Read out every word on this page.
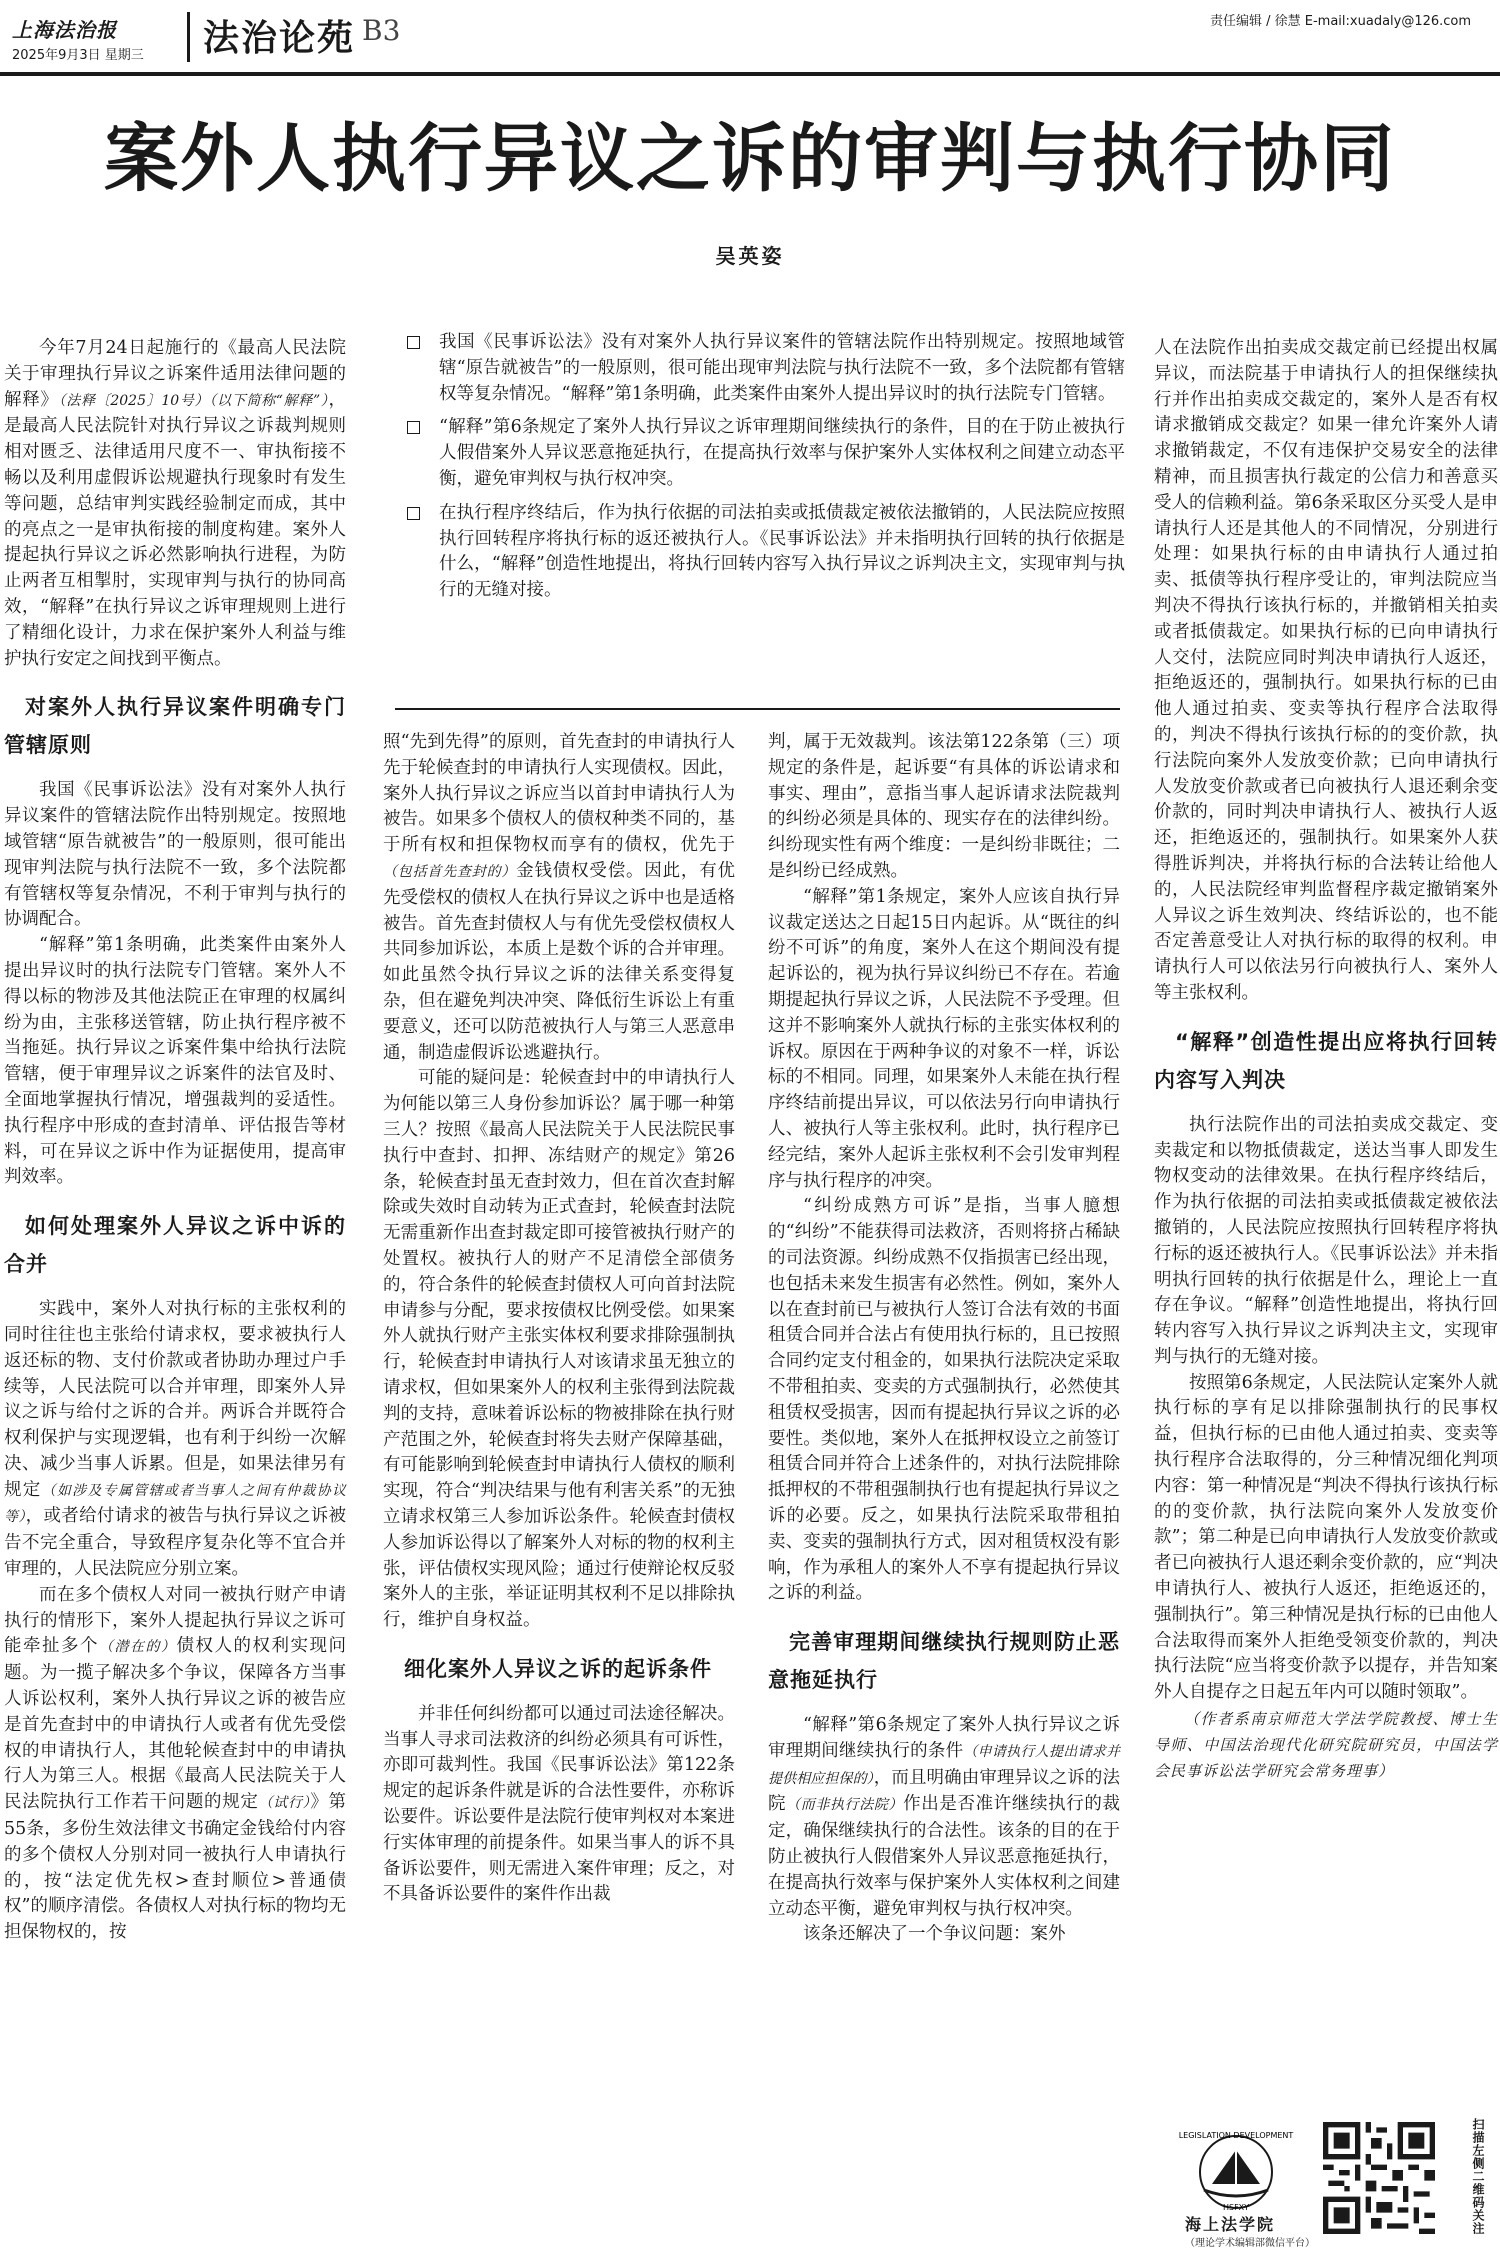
上海法治报
2025年9月3日 星期三 法治论苑 B3	责任编辑 / 徐慧 E-mail:xuadaly@126.com
案外人执行异议之诉的审判与执行协同
吴英姿
我国《民事诉讼法》没有对案外人执行异议案件的管辖法院作出特别规定。按照地域管辖“原告就被告”的一般原则，很可能出现审判法院与执行法院不一致，多个法院都有管辖权等复杂情况。“解释”第1条明确，此类案件由案外人提出异议时的执行法院专门管辖。
“解释”第6条规定了案外人执行异议之诉审理期间继续执行的条件，目的在于防止被执行人假借案外人异议恶意拖延执行，在提高执行效率与保护案外人实体权利之间建立动态平衡，避免审判权与执行权冲突。
在执行程序终结后，作为执行依据的司法拍卖或抵债裁定被依法撤销的，人民法院应按照执行回转程序将执行标的返还被执行人。《民事诉讼法》并未指明执行回转的执行依据是什么，“解释”创造性地提出，将执行回转内容写入执行异议之诉判决主文，实现审判与执行的无缝对接。

今年7月24日起施行的《最高人民法院关于审理执行异议之诉案件适用法律问题的解释》（法释〔2025〕10号）（以下简称“解释”），是最高人民法院针对执行异议之诉裁判规则相对匮乏、法律适用尺度不一、审执衔接不畅以及利用虚假诉讼规避执行现象时有发生等问题，总结审判实践经验制定而成，其中的亮点之一是审执衔接的制度构建。案外人提起执行异议之诉必然影响执行进程，为防止两者互相掣肘，实现审判与执行的协同高效，“解释”在执行异议之诉审理规则上进行了精细化设计，力求在保护案外人利益与维护执行安定之间找到平衡点。

对案外人执行异议案件明确专门管辖原则

我国《民事诉讼法》没有对案外人执行异议案件的管辖法院作出特别规定。按照地域管辖“原告就被告”的一般原则，很可能出现审判法院与执行法院不一致，多个法院都有管辖权等复杂情况，不利于审判与执行的协调配合。

“解释”第1条明确，此类案件由案外人提出异议时的执行法院专门管辖。案外人不得以标的物涉及其他法院正在审理的权属纠纷为由，主张移送管辖，防止执行程序被不当拖延。执行异议之诉案件集中给执行法院管辖，便于审理异议之诉案件的法官及时、全面地掌握执行情况，增强裁判的妥适性。执行程序中形成的查封清单、评估报告等材料，可在异议之诉中作为证据使用，提高审判效率。

如何处理案外人异议之诉中诉的合并

实践中，案外人对执行标的主张权利的同时往往也主张给付请求权，要求被执行人返还标的物、支付价款或者协助办理过户手续等，人民法院可以合并审理，即案外人异议之诉与给付之诉的合并。两诉合并既符合权利保护与实现逻辑，也有利于纠纷一次解决、减少当事人诉累。但是，如果法律另有规定（如涉及专属管辖或者当事人之间有仲裁协议等），或者给付请求的被告与执行异议之诉被告不完全重合，导致程序复杂化等不宜合并审理的，人民法院应分别立案。

而在多个债权人对同一被执行财产申请执行的情形下，案外人提起执行异议之诉可能牵扯多个（潜在的）债权人的权利实现问题。为一揽子解决多个争议，保障各方当事人诉讼权利，案外人执行异议之诉的被告应是首先查封中的申请执行人或者有优先受偿权的申请执行人，其他轮候查封中的申请执行人为第三人。根据《最高人民法院关于人民法院执行工作若干问题的规定（试行）》第55条，多份生效法律文书确定金钱给付内容的多个债权人分别对同一被执行人申请执行的，按“法定优先权>查封顺位>普通债权”的顺序清偿。各债权人对执行标的物均无担保物权的，按

照“先到先得”的原则，首先查封的申请执行人先于轮候查封的申请执行人实现债权。因此，案外人执行异议之诉应当以首封申请执行人为被告。如果多个债权人的债权种类不同的，基于所有权和担保物权而享有的债权，优先于（包括首先查封的）金钱债权受偿。因此，有优先受偿权的债权人在执行异议之诉中也是适格被告。首先查封债权人与有优先受偿权债权人共同参加诉讼，本质上是数个诉的合并审理。如此虽然令执行异议之诉的法律关系变得复杂，但在避免判决冲突、降低衍生诉讼上有重要意义，还可以防范被执行人与第三人恶意串通，制造虚假诉讼逃避执行。

可能的疑问是：轮候查封中的申请执行人为何能以第三人身份参加诉讼？属于哪一种第三人？按照《最高人民法院关于人民法院民事执行中查封、扣押、冻结财产的规定》第26条，轮候查封虽无查封效力，但在首次查封解除或失效时自动转为正式查封，轮候查封法院无需重新作出查封裁定即可接管被执行财产的处置权。被执行人的财产不足清偿全部债务的，符合条件的轮候查封债权人可向首封法院申请参与分配，要求按债权比例受偿。如果案外人就执行财产主张实体权利要求排除强制执行，轮候查封申请执行人对该请求虽无独立的请求权，但如果案外人的权利主张得到法院裁判的支持，意味着诉讼标的物被排除在执行财产范围之外，轮候查封将失去财产保障基础，有可能影响到轮候查封申请执行人债权的顺利实现，符合“判决结果与他有利害关系”的无独立请求权第三人参加诉讼条件。轮候查封债权人参加诉讼得以了解案外人对标的物的权利主张，评估债权实现风险；通过行使辩论权反驳案外人的主张，举证证明其权利不足以排除执行，维护自身权益。

细化案外人异议之诉的起诉条件

并非任何纠纷都可以通过司法途径解决。当事人寻求司法救济的纠纷必须具有可诉性，亦即可裁判性。我国《民事诉讼法》第122条规定的起诉条件就是诉的合法性要件，亦称诉讼要件。诉讼要件是法院行使审判权对本案进行实体审理的前提条件。如果当事人的诉不具备诉讼要件，则无需进入案件审理；反之，对不具备诉讼要件的案件作出裁

判，属于无效裁判。该法第122条第（三）项规定的条件是，起诉要“有具体的诉讼请求和事实、理由”，意指当事人起诉请求法院裁判的纠纷必须是具体的、现实存在的法律纠纷。纠纷现实性有两个维度：一是纠纷非既往；二是纠纷已经成熟。

“解释”第1条规定，案外人应该自执行异议裁定送达之日起15日内起诉。从“既往的纠纷不可诉”的角度，案外人在这个期间没有提起诉讼的，视为执行异议纠纷已不存在。若逾期提起执行异议之诉，人民法院不予受理。但这并不影响案外人就执行标的主张实体权利的诉权。原因在于两种争议的对象不一样，诉讼标的不相同。同理，如果案外人未能在执行程序终结前提出异议，可以依法另行向申请执行人、被执行人等主张权利。此时，执行程序已经完结，案外人起诉主张权利不会引发审判程序与执行程序的冲突。

“纠纷成熟方可诉”是指，当事人臆想的“纠纷”不能获得司法救济，否则将挤占稀缺的司法资源。纠纷成熟不仅指损害已经出现，也包括未来发生损害有必然性。例如，案外人以在查封前已与被执行人签订合法有效的书面租赁合同并合法占有使用执行标的，且已按照合同约定支付租金的，如果执行法院决定采取不带租拍卖、变卖的方式强制执行，必然使其租赁权受损害，因而有提起执行异议之诉的必要性。类似地，案外人在抵押权设立之前签订租赁合同并符合上述条件的，对执行法院排除抵押权的不带租强制执行也有提起执行异议之诉的必要。反之，如果执行法院采取带租拍卖、变卖的强制执行方式，因对租赁权没有影响，作为承租人的案外人不享有提起执行异议之诉的利益。

完善审理期间继续执行规则防止恶意拖延执行

“解释”第6条规定了案外人执行异议之诉审理期间继续执行的条件（申请执行人提出请求并提供相应担保的），而且明确由审理异议之诉的法院（而非执行法院）作出是否准许继续执行的裁定，确保继续执行的合法性。该条的目的在于防止被执行人假借案外人异议恶意拖延执行，在提高执行效率与保护案外人实体权利之间建立动态平衡，避免审判权与执行权冲突。

该条还解决了一个争议问题：案外

人在法院作出拍卖成交裁定前已经提出权属异议，而法院基于申请执行人的担保继续执行并作出拍卖成交裁定的，案外人是否有权请求撤销成交裁定？如果一律允许案外人请求撤销裁定，不仅有违保护交易安全的法律精神，而且损害执行裁定的公信力和善意买受人的信赖利益。第6条采取区分买受人是申请执行人还是其他人的不同情况，分别进行处理：如果执行标的由申请执行人通过拍卖、抵债等执行程序受让的，审判法院应当判决不得执行该执行标的，并撤销相关拍卖或者抵债裁定。如果执行标的已向申请执行人交付，法院应同时判决申请执行人返还，拒绝返还的，强制执行。如果执行标的已由他人通过拍卖、变卖等执行程序合法取得的，判决不得执行该执行标的的变价款，执行法院向案外人发放变价款；已向申请执行人发放变价款或者已向被执行人退还剩余变价款的，同时判决申请执行人、被执行人返还，拒绝返还的，强制执行。如果案外人获得胜诉判决，并将执行标的合法转让给他人的，人民法院经审判监督程序裁定撤销案外人异议之诉生效判决、终结诉讼的，也不能否定善意受让人对执行标的取得的权利。申请执行人可以依法另行向被执行人、案外人等主张权利。

“解释”创造性提出应将执行回转内容写入判决

执行法院作出的司法拍卖成交裁定、变卖裁定和以物抵债裁定，送达当事人即发生物权变动的法律效果。在执行程序终结后，作为执行依据的司法拍卖或抵债裁定被依法撤销的，人民法院应按照执行回转程序将执行标的返还被执行人。《民事诉讼法》并未指明执行回转的执行依据是什么，理论上一直存在争议。“解释”创造性地提出，将执行回转内容写入执行异议之诉判决主文，实现审判与执行的无缝对接。

按照第6条规定，人民法院认定案外人就执行标的享有足以排除强制执行的民事权益，但执行标的已由他人通过拍卖、变卖等执行程序合法取得的，分三种情况细化判项内容：第一种情况是“判决不得执行该执行标的的变价款，执行法院向案外人发放变价款”；第二种是已向申请执行人发放变价款或者已向被执行人退还剩余变价款的，应“判决申请执行人、被执行人返还，拒绝返还的，强制执行”。第三种情况是执行标的已由他人合法取得而案外人拒绝受领变价款的，判决执行法院“应当将变价款予以提存，并告知案外人自提存之日起五年内可以随时领取”。

（作者系南京师范大学法学院教授、博士生导师、中国法治现代化研究院研究员，中国法学会民事诉讼法学研究会常务理事）

LEGISLATION DEVELOPMENT
HSFXY
海上法学院
（理论学术编辑部微信平台）
扫描左侧二维码关注
